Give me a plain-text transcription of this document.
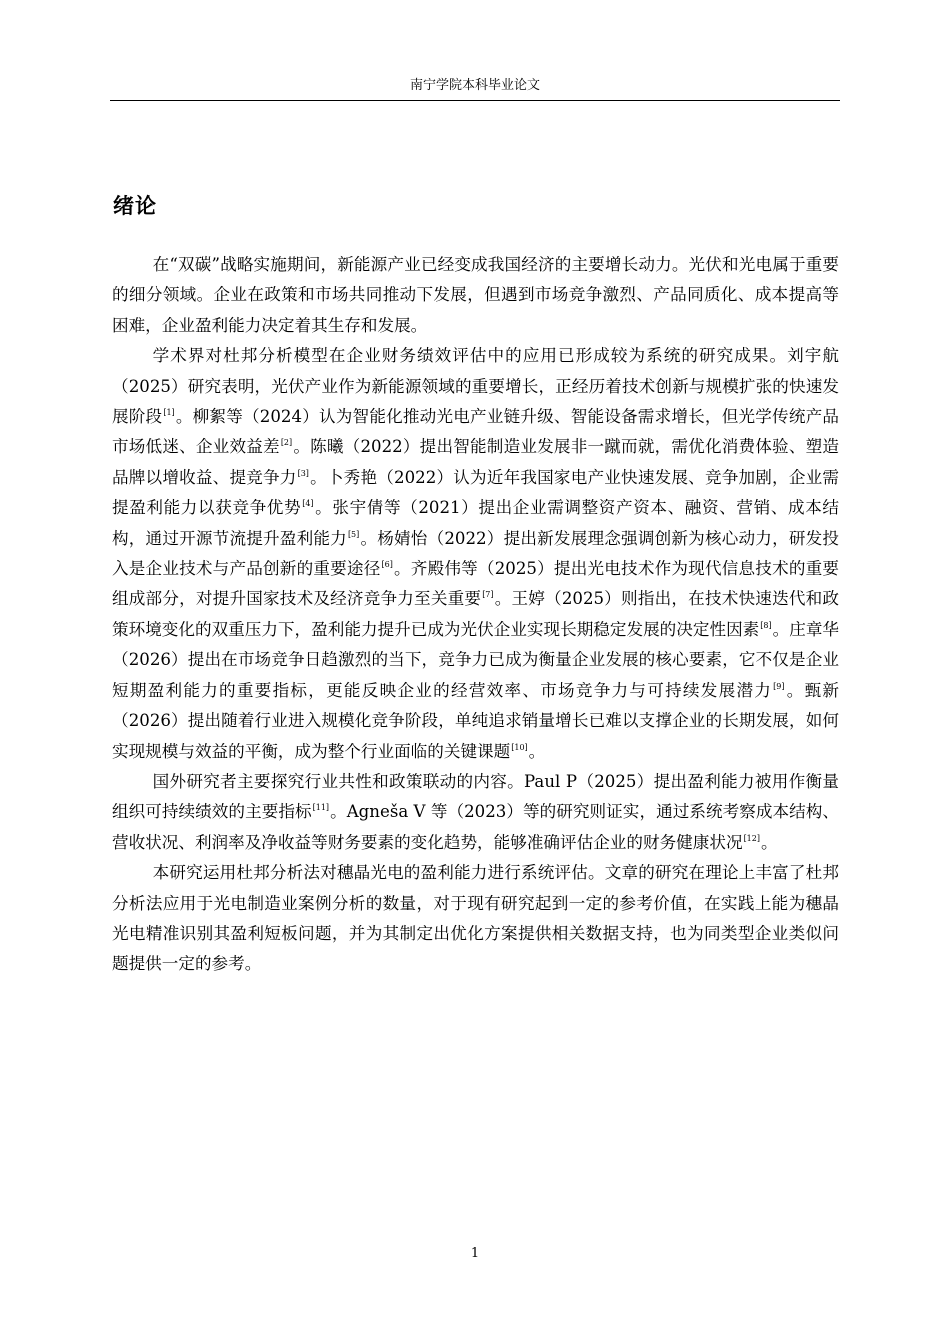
南宁学院本科毕业论文
绪论

在“双碳”战略实施期间，新能源产业已经变成我国经济的主要增长动力。光伏和光电属于重要的细分领域。企业在政策和市场共同推动下发展，但遇到市场竞争激烈、产品同质化、成本提高等困难，企业盈利能力决定着其生存和发展。

学术界对杜邦分析模型在企业财务绩效评估中的应用已形成较为系统的研究成果。刘宇航（2025）研究表明，光伏产业作为新能源领域的重要增长，正经历着技术创新与规模扩张的快速发展阶段[1]。柳絮等（2024）认为智能化推动光电产业链升级、智能设备需求增长，但光学传统产品市场低迷、企业效益差[2]。陈曦（2022）提出智能制造业发展非一蹴而就，需优化消费体验、塑造品牌以增收益、提竞争力[3]。卜秀艳（2022）认为近年我国家电产业快速发展、竞争加剧，企业需提盈利能力以获竞争优势[4]。张宇倩等（2021）提出企业需调整资产资本、融资、营销、成本结构，通过开源节流提升盈利能力[5]。杨婧怡（2022）提出新发展理念强调创新为核心动力，研发投入是企业技术与产品创新的重要途径[6]。齐殿伟等（2025）提出光电技术作为现代信息技术的重要组成部分，对提升国家技术及经济竞争力至关重要[7]。王婷（2025）则指出，在技术快速迭代和政策环境变化的双重压力下，盈利能力提升已成为光伏企业实现长期稳定发展的决定性因素[8]。庄章华（2026）提出在市场竞争日趋激烈的当下，竞争力已成为衡量企业发展的核心要素，它不仅是企业短期盈利能力的重要指标，更能反映企业的经营效率、市场竞争力与可持续发展潜力[9]。甄新（2026）提出随着行业进入规模化竞争阶段，单纯追求销量增长已难以支撑企业的长期发展，如何实现规模与效益的平衡，成为整个行业面临的关键课题[10]。

国外研究者主要探究行业共性和政策联动的内容。Paul P（2025）提出盈利能力被用作衡量组织可持续绩效的主要指标[11]。Agneša V 等（2023）等的研究则证实，通过系统考察成本结构、营收状况、利润率及净收益等财务要素的变化趋势，能够准确评估企业的财务健康状况[12]。

本研究运用杜邦分析法对穗晶光电的盈利能力进行系统评估。文章的研究在理论上丰富了杜邦分析法应用于光电制造业案例分析的数量，对于现有研究起到一定的参考价值，在实践上能为穗晶光电精准识别其盈利短板问题，并为其制定出优化方案提供相关数据支持，也为同类型企业类似问题提供一定的参考。

1
